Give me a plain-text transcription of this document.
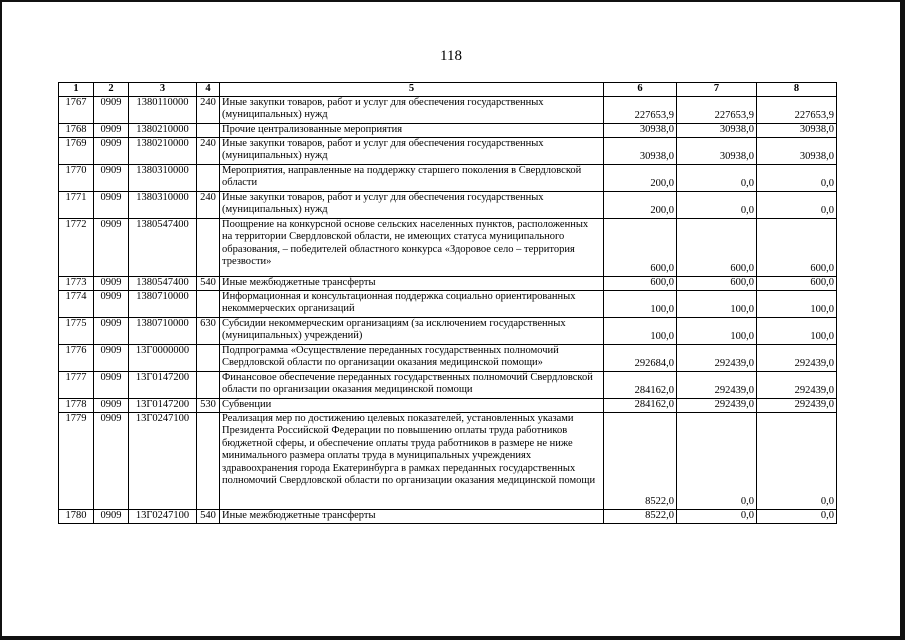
118
1	2	3	4	5	6	7	8
1767	0909	1380110000	240	Иные закупки товаров, работ и услуг для обеспечения государственных (муниципальных) нужд	227653,9	227653,9	227653,9
1768	0909	1380210000		Прочие централизованные мероприятия	30938,0	30938,0	30938,0
1769	0909	1380210000	240	Иные закупки товаров, работ и услуг для обеспечения государственных (муниципальных) нужд	30938,0	30938,0	30938,0
1770	0909	1380310000		Мероприятия, направленные на поддержку старшего поколения в Свердловской области	200,0	0,0	0,0
1771	0909	1380310000	240	Иные закупки товаров, работ и услуг для обеспечения государственных (муниципальных) нужд	200,0	0,0	0,0
1772	0909	1380547400		Поощрение на конкурсной основе сельских населенных пунктов, расположенных на территории Свердловской области, не имеющих статуса муниципального образования, – победителей областного конкурса «Здоровое село – территория трезвости»	600,0	600,0	600,0
1773	0909	1380547400	540	Иные межбюджетные трансферты	600,0	600,0	600,0
1774	0909	1380710000		Информационная и консультационная поддержка социально ориентированных некоммерческих организаций	100,0	100,0	100,0
1775	0909	1380710000	630	Субсидии некоммерческим организациям (за исключением государственных (муниципальных) учреждений)	100,0	100,0	100,0
1776	0909	13Г0000000		Подпрограмма «Осуществление переданных государственных полномочий Свердловской области по организации оказания медицинской помощи»	292684,0	292439,0	292439,0
1777	0909	13Г0147200		Финансовое обеспечение переданных государственных полномочий Свердловской области по организации оказания медицинской помощи	284162,0	292439,0	292439,0
1778	0909	13Г0147200	530	Субвенции	284162,0	292439,0	292439,0
1779	0909	13Г0247100		Реализация мер по достижению целевых показателей, установленных указами Президента Российской Федерации по повышению оплаты труда работников бюджетной сферы, и обеспечение оплаты труда работников в размере не ниже минимального размера оплаты труда в муниципальных учреждениях здравоохранения города Екатеринбурга в рамках переданных государственных полномочий Свердловской области по организации оказания медицинской помощи	8522,0	0,0	0,0
1780	0909	13Г0247100	540	Иные межбюджетные трансферты	8522,0	0,0	0,0
